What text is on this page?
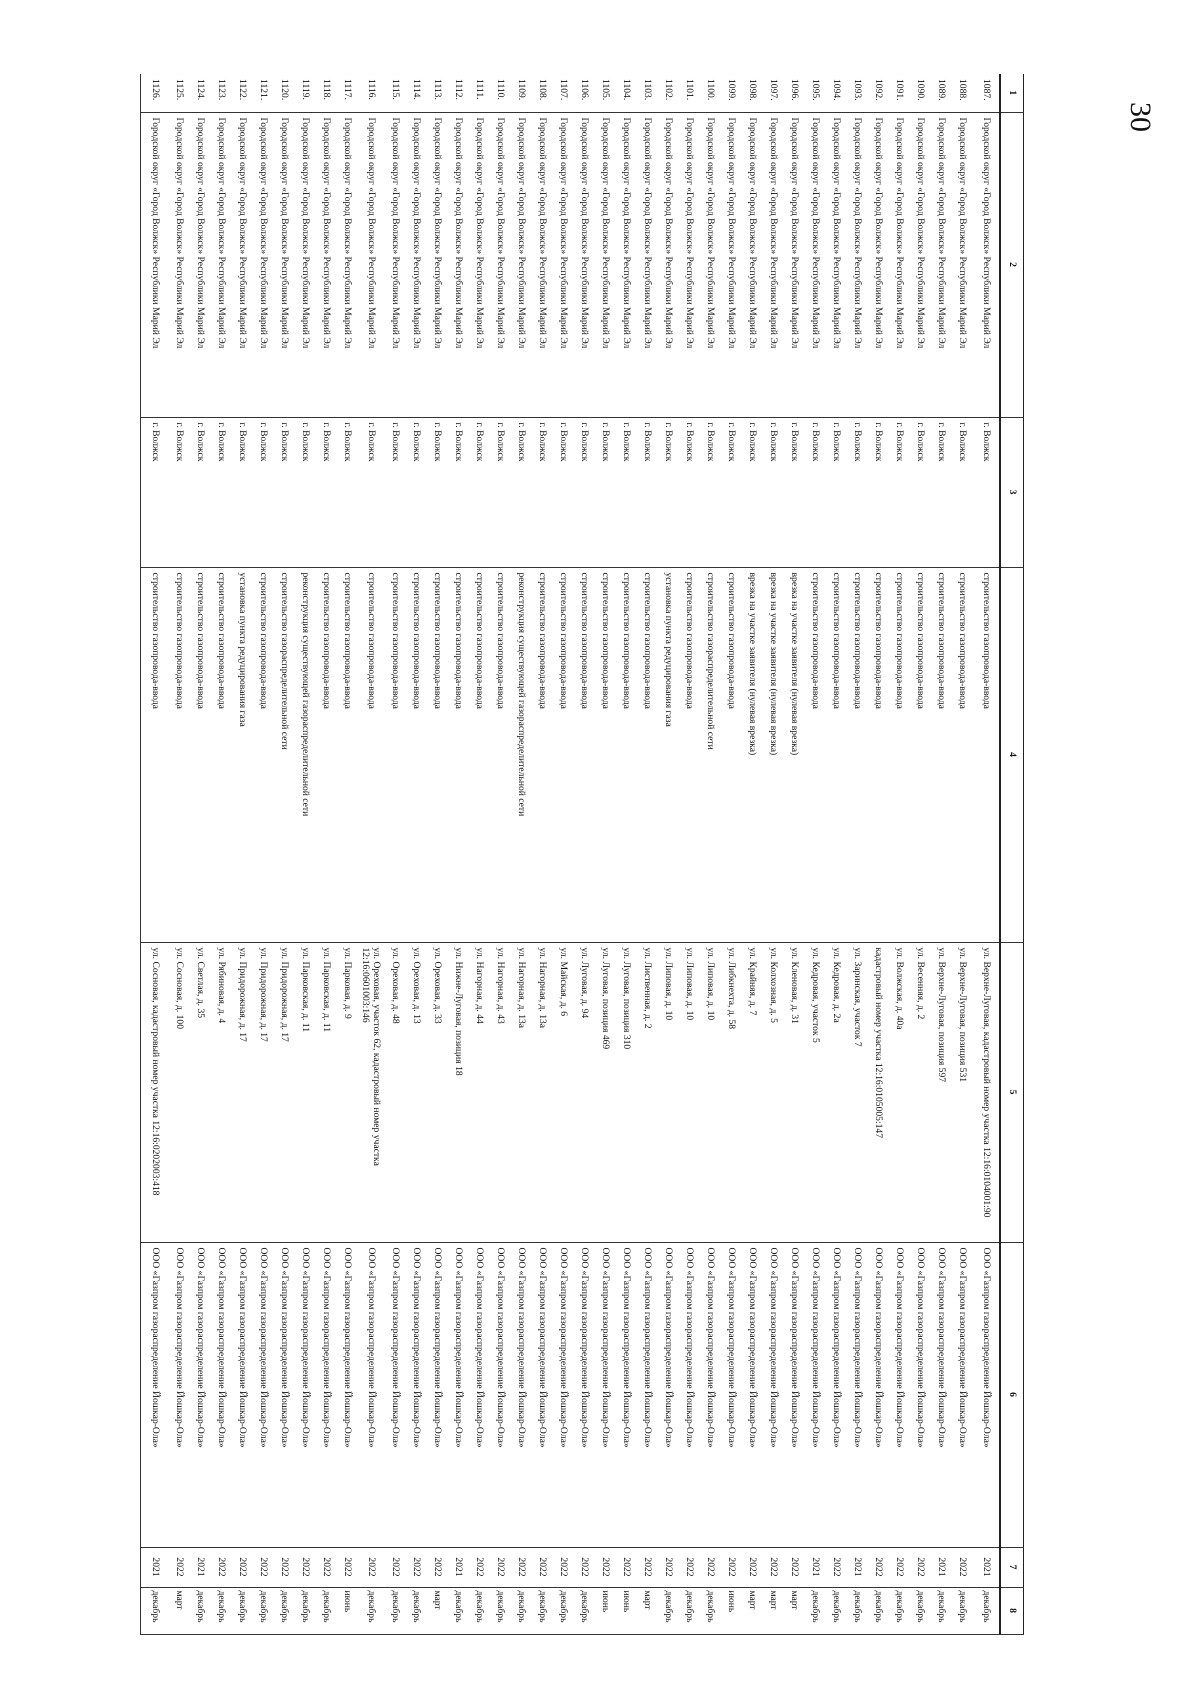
30
1	2	3	4	5	6	7	8
1087.	Городской округ «Город Волжск» Республики Марий Эл	г. Волжск	строительство газопровода-ввода	ул. Верхне-Луговая, кадастровый номер участка 12:16:0104001:90	ООО «Газпром газораспределение Йошкар-Ола»	2021	декабрь
1088.	Городской округ «Город Волжск» Республики Марий Эл	г. Волжск	строительство газопровода-ввода	ул. Верхне-Луговая, позиция 531	ООО «Газпром газораспределение Йошкар-Ола»	2022	декабрь
1089.	Городской округ «Город Волжск» Республики Марий Эл	г. Волжск	строительство газопровода-ввода	ул. Верхне-Луговая, позиция 597	ООО «Газпром газораспределение Йошкар-Ола»	2021	декабрь
1090.	Городской округ «Город Волжск» Республики Марий Эл	г. Волжск	строительство газопровода-ввода	ул. Весенняя, д. 2	ООО «Газпром газораспределение Йошкар-Ола»	2022	декабрь
1091.	Городской округ «Город Волжск» Республики Марий Эл	г. Волжск	строительство газопровода-ввода	ул. Волжская, д. 40а	ООО «Газпром газораспределение Йошкар-Ола»	2022	декабрь
1092.	Городской округ «Город Волжск» Республики Марий Эл	г. Волжск	строительство газопровода-ввода	кадастровый номер участка 12:16:0105005:147	ООО «Газпром газораспределение Йошкар-Ола»	2022	декабрь
1093.	Городской округ «Город Волжск» Республики Марий Эл	г. Волжск	строительство газопровода-ввода	ул. Заринская, участок 7	ООО «Газпром газораспределение Йошкар-Ола»	2021	декабрь
1094.	Городской округ «Город Волжск» Республики Марий Эл	г. Волжск	строительство газопровода-ввода	ул. Кедровая, д. 2а	ООО «Газпром газораспределение Йошкар-Ола»	2022	декабрь
1095.	Городской округ «Город Волжск» Республики Марий Эл	г. Волжск	строительство газопровода-ввода	ул. Кедровая, участок 5	ООО «Газпром газораспределение Йошкар-Ола»	2021	декабрь
1096.	Городской округ «Город Волжск» Республики Марий Эл	г. Волжск	врезка на участке заявителя (нулевая врезка)	ул. Кленовая, д. 31	ООО «Газпром газораспределение Йошкар-Ола»	2022	март
1097.	Городской округ «Город Волжск» Республики Марий Эл	г. Волжск	врезка на участке заявителя (нулевая врезка)	ул. Колхозная, д. 5	ООО «Газпром газораспределение Йошкар-Ола»	2022	март
1098.	Городской округ «Город Волжск» Республики Марий Эл	г. Волжск	врезка на участке заявителя (нулевая врезка)	ул. Крайняя, д. 7	ООО «Газпром газораспределение Йошкар-Ола»	2022	март
1099.	Городской округ «Город Волжск» Республики Марий Эл	г. Волжск	строительство газопровода-ввода	ул. Либкнехта, д. 58	ООО «Газпром газораспределение Йошкар-Ола»	2022	июнь
1100.	Городской округ «Город Волжск» Республики Марий Эл	г. Волжск	строительство газораспределительной сети	ул. Липовая, д. 10	ООО «Газпром газораспределение Йошкар-Ола»	2022	декабрь
1101.	Городской округ «Город Волжск» Республики Марий Эл	г. Волжск	строительство газопровода-ввода	ул. Липовая, д. 10	ООО «Газпром газораспределение Йошкар-Ола»	2022	декабрь
1102.	Городской округ «Город Волжск» Республики Марий Эл	г. Волжск	установка пункта редуцирования газа	ул. Липовая, д. 10	ООО «Газпром газораспределение Йошкар-Ола»	2022	декабрь
1103.	Городской округ «Город Волжск» Республики Марий Эл	г. Волжск	строительство газопровода-ввода	ул. Лиственная, д. 2	ООО «Газпром газораспределение Йошкар-Ола»	2022	март
1104.	Городской округ «Город Волжск» Республики Марий Эл	г. Волжск	строительство газопровода-ввода	ул. Луговая, позиция 310	ООО «Газпром газораспределение Йошкар-Ола»	2022	июнь
1105.	Городской округ «Город Волжск» Республики Марий Эл	г. Волжск	строительство газопровода-ввода	ул. Луговая, позиция 469	ООО «Газпром газораспределение Йошкар-Ола»	2022	июнь
1106.	Городской округ «Город Волжск» Республики Марий Эл	г. Волжск	строительство газопровода-ввода	ул. Луговая, д. 94	ООО «Газпром газораспределение Йошкар-Ола»	2022	декабрь
1107.	Городской округ «Город Волжск» Республики Марий Эл	г. Волжск	строительство газопровода-ввода	ул. Майская, д. 6	ООО «Газпром газораспределение Йошкар-Ола»	2022	декабрь
1108.	Городской округ «Город Волжск» Республики Марий Эл	г. Волжск	строительство газопровода-ввода	ул. Нагорная, д. 13а	ООО «Газпром газораспределение Йошкар-Ола»	2022	декабрь
1109.	Городской округ «Город Волжск» Республики Марий Эл	г. Волжск	реконструкция существующей газораспределительной сети	ул. Нагорная, д. 13а	ООО «Газпром газораспределение Йошкар-Ола»	2022	декабрь
1110.	Городской округ «Город Волжск» Республики Марий Эл	г. Волжск	строительство газопровода-ввода	ул. Нагорная, д. 43	ООО «Газпром газораспределение Йошкар-Ола»	2022	декабрь
1111.	Городской округ «Город Волжск» Республики Марий Эл	г. Волжск	строительство газопровода-ввода	ул. Нагорная, д. 44	ООО «Газпром газораспределение Йошкар-Ола»	2022	декабрь
1112.	Городской округ «Город Волжск» Республики Марий Эл	г. Волжск	строительство газопровода-ввода	ул. Нижне-Луговая, позиция 18	ООО «Газпром газораспределение Йошкар-Ола»	2021	декабрь
1113.	Городской округ «Город Волжск» Республики Марий Эл	г. Волжск	строительство газопровода-ввода	ул. Ореховая, д. 33	ООО «Газпром газораспределение Йошкар-Ола»	2022	март
1114.	Городской округ «Город Волжск» Республики Марий Эл	г. Волжск	строительство газопровода-ввода	ул. Ореховая, д. 13	ООО «Газпром газораспределение Йошкар-Ола»	2022	декабрь
1115.	Городской округ «Город Волжск» Республики Марий Эл	г. Волжск	строительство газопровода-ввода	ул. Ореховая, д. 48	ООО «Газпром газораспределение Йошкар-Ола»	2022	декабрь
1116.	Городской округ «Город Волжск» Республики Марий Эл	г. Волжск	строительство газопровода-ввода	ул. Ореховая, участок 62, кадастровый номер участка 12:16:0601003:146	ООО «Газпром газораспределение Йошкар-Ола»	2022	декабрь
1117.	Городской округ «Город Волжск» Республики Марий Эл	г. Волжск	строительство газопровода-ввода	ул. Парковая, д. 9	ООО «Газпром газораспределение Йошкар-Ола»	2022	июнь
1118.	Городской округ «Город Волжск» Республики Марий Эл	г. Волжск	строительство газопровода-ввода	ул. Парковская, д. 11	ООО «Газпром газораспределение Йошкар-Ола»	2022	декабрь
1119.	Городской округ «Город Волжск» Республики Марий Эл	г. Волжск	реконструкция существующей газораспределительной сети	ул. Парковская, д. 11	ООО «Газпром газораспределение Йошкар-Ола»	2022	декабрь
1120.	Городской округ «Город Волжск» Республики Марий Эл	г. Волжск	строительство газораспределительной сети	ул. Придорожная, д. 17	ООО «Газпром газораспределение Йошкар-Ола»	2022	декабрь
1121.	Городской округ «Город Волжск» Республики Марий Эл	г. Волжск	строительство газопровода-ввода	ул. Придорожная, д. 17	ООО «Газпром газораспределение Йошкар-Ола»	2022	декабрь
1122.	Городской округ «Город Волжск» Республики Марий Эл	г. Волжск	установка пункта редуцирования газа	ул. Придорожная, д. 17	ООО «Газпром газораспределение Йошкар-Ола»	2022	декабрь
1123.	Городской округ «Город Волжск» Республики Марий Эл	г. Волжск	строительство газопровода-ввода	ул. Рябиновая, д. 4	ООО «Газпром газораспределение Йошкар-Ола»	2022	декабрь
1124.	Городской округ «Город Волжск» Республики Марий Эл	г. Волжск	строительство газопровода-ввода	ул. Светлая, д. 35	ООО «Газпром газораспределение Йошкар-Ола»	2021	декабрь
1125.	Городской округ «Город Волжск» Республики Марий Эл	г. Волжск	строительство газопровода-ввода	ул. Сосновая, д. 100	ООО «Газпром газораспределение Йошкар-Ола»	2022	март
1126.	Городской округ «Город Волжск» Республики Марий Эл	г. Волжск	строительство газопровода-ввода	ул. Сосновая, кадастровый номер участка 12:16:0202003:418	ООО «Газпром газораспределение Йошкар-Ола»	2021	декабрь
